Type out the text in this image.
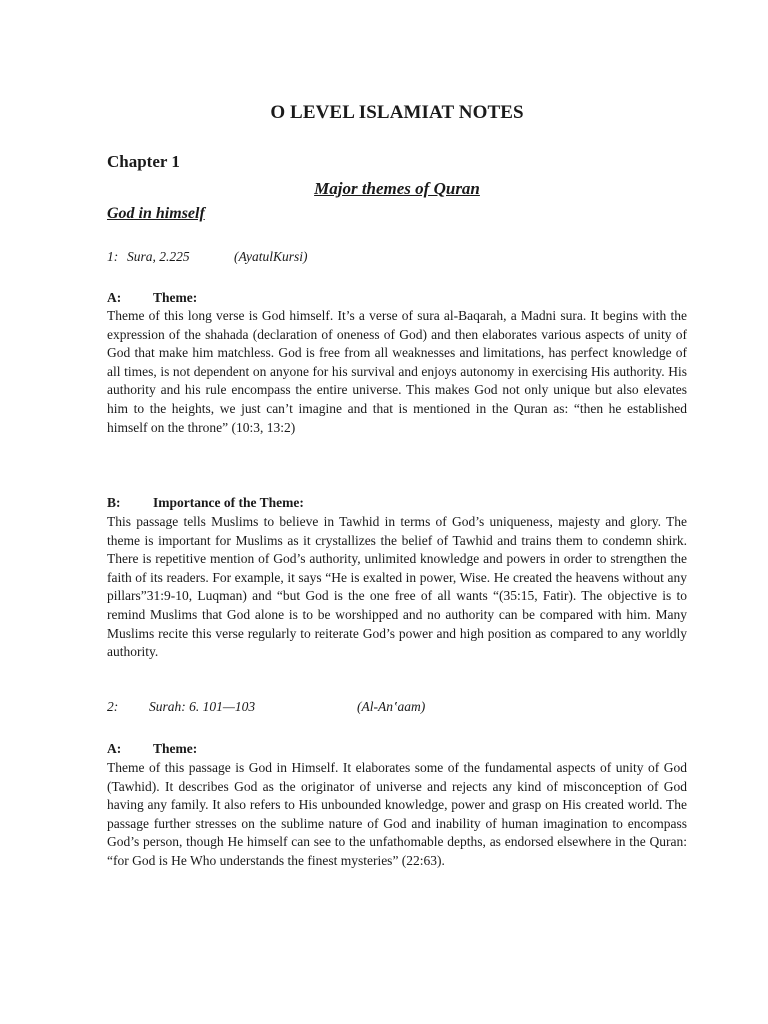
O LEVEL ISLAMIAT NOTES
Chapter 1
Major themes of Quran
God in himself
1: Sura, 2.225	(AyatulKursi)
A: Theme:

Theme of this long verse is God himself. It’s a verse of sura al-Baqarah, a Madni sura. It begins with the expression of the shahada (declaration of oneness of God) and then elaborates various aspects of unity of God that make him matchless. God is free from all weaknesses and limitations, has perfect knowledge of all times, is not dependent on anyone for his survival and enjoys autonomy in exercising His authority. His authority and his rule encompass the entire universe. This makes God not only unique but also elevates him to the heights, we just can’t imagine and that is mentioned in the Quran as: “then he established himself on the throne” (10:3, 13:2)

B: Importance of the Theme:

This passage tells Muslims to believe in Tawhid in terms of God’s uniqueness, majesty and glory. The theme is important for Muslims as it crystallizes the belief of Tawhid and trains them to condemn shirk. There is repetitive mention of God’s authority, unlimited knowledge and powers in order to strengthen the faith of its readers. For example, it says “He is exalted in power, Wise. He created the heavens without any pillars”31:9-10, Luqman) and “but God is the one free of all wants “(35:15, Fatir). The objective is to remind Muslims that God alone is to be worshipped and no authority can be compared with him. Many Muslims recite this verse regularly to reiterate God’s power and high position as compared to any worldly authority.

2: Surah: 6. 101—103	(Al-An‛aam)
A: Theme:

Theme of this passage is God in Himself. It elaborates some of the fundamental aspects of unity of God (Tawhid). It describes God as the originator of universe and rejects any kind of misconception of God having any family. It also refers to His unbounded knowledge, power and grasp on His created world. The passage further stresses on the sublime nature of God and inability of human imagination to encompass God’s person, though He himself can see to the unfathomable depths, as endorsed elsewhere in the Quran: “for God is He Who understands the finest mysteries” (22:63).
